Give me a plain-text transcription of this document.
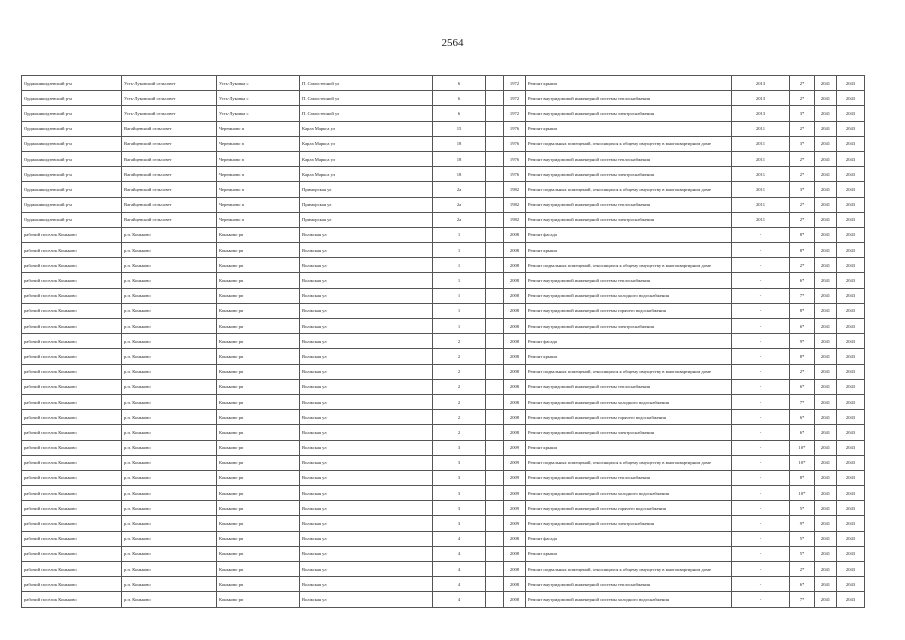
2564
Орджоникидзевский р-н	Усть-Луковский сельсовет	Усть-Луковка с	П. Самостепной ул	6		1972	Ремонт крыши	2013	2*	2041	2043
Орджоникидзевский р-н	Усть-Луковский сельсовет	Усть-Луковка с	П. Самостепной ул	6		1972	Ремонт внутридомовой инженерной системы теплоснабжения	2013	2*	2041	2043
Орджоникидзевский р-н	Усть-Луковский сельсовет	Усть-Луковка с	П. Самостепной ул	6		1972	Ремонт внутридомовой инженерной системы электроснабжения	2013	3*	2041	2043
Орджоникидзевский р-н	Вагайцевский сельсовет	Черемново п	Карла Маркса ул	15		1976	Ремонт крыши	2011	2*	2041	2043
Орджоникидзевский р-н	Вагайцевский сельсовет	Черемново п	Карла Маркса ул	18		1976	Ремонт подвальных помещений, относящихся к общему имуществу в многоквартирном доме	2011	3*	2041	2043
Орджоникидзевский р-н	Вагайцевский сельсовет	Черемново п	Карла Маркса ул	18		1976	Ремонт внутридомовой инженерной системы теплоснабжения	2011	2*	2041	2043
Орджоникидзевский р-н	Вагайцевский сельсовет	Черемново п	Карла Маркса ул	18		1976	Ремонт внутридомовой инженерной системы электроснабжения	2011	2*	2041	2043
Орджоникидзевский р-н	Вагайцевский сельсовет	Черемново п	Приморская ул	2а		1982	Ремонт подвальных помещений, относящихся к общему имуществу в многоквартирном доме	2011	3*	2041	2043
Орджоникидзевский р-н	Вагайцевский сельсовет	Черемново п	Приморская ул	2а		1982	Ремонт внутридомовой инженерной системы теплоснабжения	2011	2*	2041	2043
Орджоникидзевский р-н	Вагайцевский сельсовет	Черемново п	Приморская ул	2а		1982	Ремонт внутридомовой инженерной системы электроснабжения	2011	2*	2041	2043
рабочий поселок Коньково	р.п. Коньково	Коньково рп	Волжская ул	1		2008	Ремонт фасада	-	8*	2041	2043
рабочий поселок Коньково	р.п. Коньково	Коньково рп	Волжская ул	1		2008	Ремонт крыши	-	8*	2041	2043
рабочий поселок Коньково	р.п. Коньково	Коньково рп	Волжская ул	1		2008	Ремонт подвальных помещений, относящихся к общему имуществу в многоквартирном доме	-	2*	2041	2043
рабочий поселок Коньково	р.п. Коньково	Коньково рп	Волжская ул	1		2008	Ремонт внутридомовой инженерной системы теплоснабжения	-	6*	2041	2043
рабочий поселок Коньково	р.п. Коньково	Коньково рп	Волжская ул	1		2008	Ремонт внутридомовой инженерной системы холодного водоснабжения	-	7*	2041	2043
рабочий поселок Коньково	р.п. Коньково	Коньково рп	Волжская ул	1		2008	Ремонт внутридомовой инженерной системы горячего водоснабжения	-	8*	2041	2043
рабочий поселок Коньково	р.п. Коньково	Коньково рп	Волжская ул	1		2008	Ремонт внутридомовой инженерной системы электроснабжения	-	6*	2041	2043
рабочий поселок Коньково	р.п. Коньково	Коньково рп	Волжская ул	2		2008	Ремонт фасада	-	9*	2041	2043
рабочий поселок Коньково	р.п. Коньково	Коньково рп	Волжская ул	2		2008	Ремонт крыши	-	8*	2041	2043
рабочий поселок Коньково	р.п. Коньково	Коньково рп	Волжская ул	2		2008	Ремонт подвальных помещений, относящихся к общему имуществу в многоквартирном доме	-	2*	2041	2043
рабочий поселок Коньково	р.п. Коньково	Коньково рп	Волжская ул	2		2008	Ремонт внутридомовой инженерной системы теплоснабжения	-	6*	2041	2043
рабочий поселок Коньково	р.п. Коньково	Коньково рп	Волжская ул	2		2008	Ремонт внутридомовой инженерной системы холодного водоснабжения	-	7*	2041	2043
рабочий поселок Коньково	р.п. Коньково	Коньково рп	Волжская ул	2		2008	Ремонт внутридомовой инженерной системы горячего водоснабжения	-	6*	2041	2043
рабочий поселок Коньково	р.п. Коньково	Коньково рп	Волжская ул	2		2008	Ремонт внутридомовой инженерной системы электроснабжения	-	6*	2041	2043
рабочий поселок Коньково	р.п. Коньково	Коньково рп	Волжская ул	3		2009	Ремонт крыши	-	10*	2041	2043
рабочий поселок Коньково	р.п. Коньково	Коньково рп	Волжская ул	3		2009	Ремонт подвальных помещений, относящихся к общему имуществу в многоквартирном доме	-	10*	2041	2043
рабочий поселок Коньково	р.п. Коньково	Коньково рп	Волжская ул	3		2009	Ремонт внутридомовой инженерной системы теплоснабжения	-	8*	2041	2043
рабочий поселок Коньково	р.п. Коньково	Коньково рп	Волжская ул	3		2009	Ремонт внутридомовой инженерной системы холодного водоснабжения	-	10*	2041	2043
рабочий поселок Коньково	р.п. Коньково	Коньково рп	Волжская ул	3		2009	Ремонт внутридомовой инженерной системы горячего водоснабжения	-	5*	2041	2043
рабочий поселок Коньково	р.п. Коньково	Коньково рп	Волжская ул	3		2009	Ремонт внутридомовой инженерной системы электроснабжения	-	9*	2041	2043
рабочий поселок Коньково	р.п. Коньково	Коньково рп	Волжская ул	4		2008	Ремонт фасада	-	5*	2041	2043
рабочий поселок Коньково	р.п. Коньково	Коньково рп	Волжская ул	4		2008	Ремонт крыши	-	5*	2041	2043
рабочий поселок Коньково	р.п. Коньково	Коньково рп	Волжская ул	4		2008	Ремонт подвальных помещений, относящихся к общему имуществу в многоквартирном доме	-	2*	2041	2043
рабочий поселок Коньково	р.п. Коньково	Коньково рп	Волжская ул	4		2008	Ремонт внутридомовой инженерной системы теплоснабжения	-	6*	2041	2043
рабочий поселок Коньково	р.п. Коньково	Коньково рп	Волжская ул	4		2008	Ремонт внутридомовой инженерной системы холодного водоснабжения	-	7*	2041	2043
